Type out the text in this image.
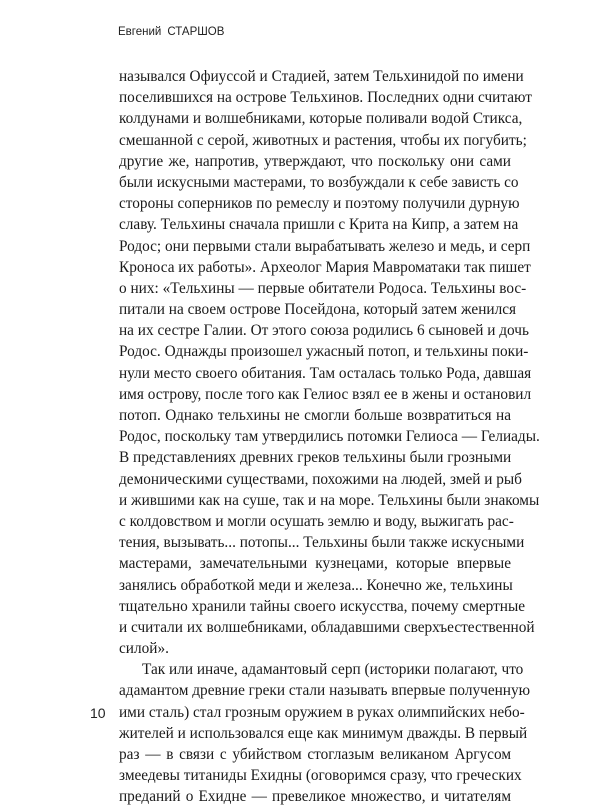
Евгений СТАРШОВ
назывался Офиуссой и Стадией, затем Тельхинидой по имени
поселившихся на острове Тельхинов. Последних одни считают
колдунами и волшебниками, которые поливали водой Стикса,
смешанной с серой, животных и растения, чтобы их погубить;
другие же, напротив, утверждают, что поскольку они сами
были искусными мастерами, то возбуждали к себе зависть со
стороны соперников по ремеслу и поэтому получили дурную
славу. Тельхины сначала пришли с Крита на Кипр, а затем на
Родос; они первыми стали вырабатывать железо и медь, и серп
Кроноса их работы». Археолог Мария Мавроматаки так пишет
о них: «Тельхины — первые обитатели Родоса. Тельхины вос-
питали на своем острове Посейдона, который затем женился
на их сестре Галии. От этого союза родились 6 сыновей и дочь
Родос. Однажды произошел ужасный потоп, и тельхины поки-
нули место своего обитания. Там осталась только Рода, давшая
имя острову, после того как Гелиос взял ее в жены и остановил
потоп. Однако тельхины не смогли больше возвратиться на
Родос, поскольку там утвердились потомки Гелиоса — Гелиады.
В представлениях древних греков тельхины были грозными
демоническими существами, похожими на людей, змей и рыб
и жившими как на суше, так и на море. Тельхины были знакомы
с колдовством и могли осушать землю и воду, выжигать рас-
тения, вызывать... потопы... Тельхины были также искусными
мастерами, замечательными кузнецами, которые впервые
занялись обработкой меди и железа... Конечно же, тельхины
тщательно хранили тайны своего искусства, почему смертные
и считали их волшебниками, обладавшими сверхъестественной
силой».
Так или иначе, адамантовый серп (историки полагают, что
адамантом древние греки стали называть впервые полученную
ими сталь) стал грозным оружием в руках олимпийских небо-
жителей и использовался еще как минимум дважды. В первый
раз — в связи с убийством стоглазым великаном Аргусом
змеедевы титаниды Ехидны (оговоримся сразу, что греческих
преданий о Ехидне — превеликое множество, и читателям
10
